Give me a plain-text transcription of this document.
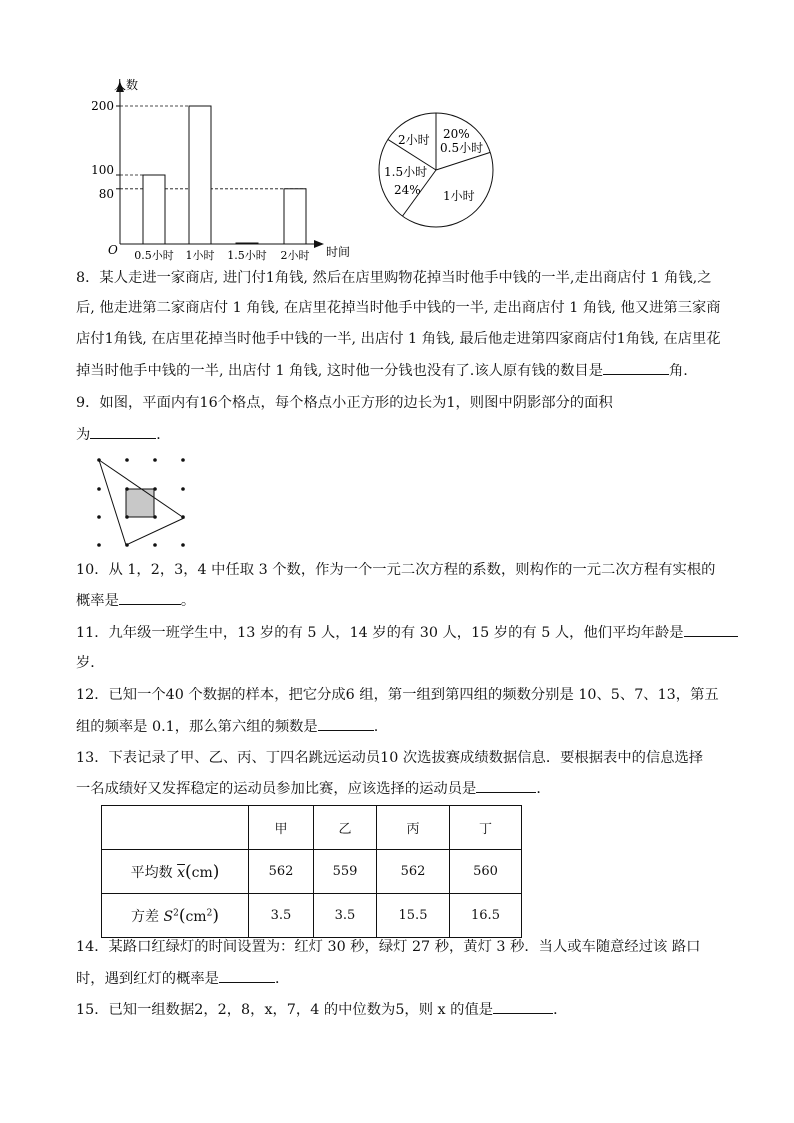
200
100
80
0.5小时 1小时 1.5小时 2小时
人数
时间
O
20%
0.5小时
2小时
1.5小时
24% 1小时
8．某人走进一家商店, 进门付1角钱, 然后在店里购物花掉当时他手中钱的一半,走出商店付 1 角钱,之
后, 他走进第二家商店付 1 角钱, 在店里花掉当时他手中钱的一半, 走出商店付 1 角钱, 他又进第三家商
店付1角钱, 在店里花掉当时他手中钱的一半, 出店付 1 角钱, 最后他走进第四家商店付1角钱, 在店里花
掉当时他手中钱的一半, 出店付 1 角钱, 这时他一分钱也没有了.该人原有钱的数目是	角.
9．如图，平面内有16个格点，每个格点小正方形的边长为1，则图中阴影部分的面积
为	．
10．从 1，2，3，4 中任取 3 个数，作为一个一元二次方程的系数，则构作的一元二次方程有实根的
概率是	。
11．九年级一班学生中，13 岁的有 5 人，14 岁的有 30 人，15 岁的有 5 人，他们平均年龄是
岁．
12．已知一个40 个数据的样本，把它分成6 组，第一组到第四组的频数分别是 10、5、7、13，第五
组的频率是 0.1，那么第六组的频数是	.
13．下表记录了甲、乙、丙、丁四名跳远运动员10 次选拔赛成绩数据信息．要根据表中的信息选择
一名成绩好又发挥稳定的运动员参加比赛，应该选择的运动员是	．
	甲	乙	丙	丁
平均数 $\overline{x}(cm)$	562	559	562	560
方差 $S^2(cm^2)$	3.5	3.5	15.5	16.5
14．某路口红绿灯的时间设置为：红灯 30 秒，绿灯 27 秒，黄灯 3 秒．当人或车随意经过该 路口
时，遇到红灯的概率是	．
15．已知一组数据2，2，8，x，7，4 的中位数为5，则 x 的值是	．
